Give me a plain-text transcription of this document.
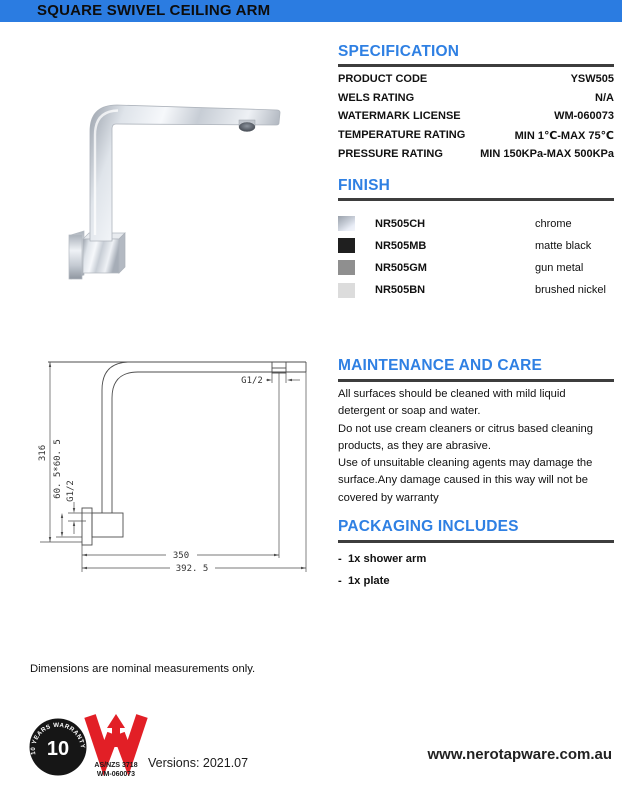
SQUARE SWIVEL CEILING ARM
SPECIFICATION
PRODUCT CODE	YSW505
WELS RATING	N/A
WATERMARK LICENSE	WM-060073
TEMPERATURE RATING	MIN 1℃-MAX 75℃
PRESSURE RATING	MIN 150KPa-MAX 500KPa
FINISH
NR505CH	chrome
NR505MB	matte black
NR505GM	gun metal
NR505BN	brushed nickel
316 60. 5*60. 5 G1/2
G1/2
350
392. 5
MAINTENANCE AND CARE
All surfaces should be cleaned with mild liquid
detergent or soap and water.
Do not use cream cleaners or citrus based cleaning
products, as they are abrasive.
Use of unsuitable cleaning agents may damage the
surface.Any damage caused in this way will not be
covered by warranty
PACKAGING INCLUDES
-  1x shower arm
-  1x plate
Dimensions are nominal measurements only.
10 YEARS WARRANTY
10
AS/NZS 3718
WM-060073
Versions: 2021.07	www.nerotapware.com.au
